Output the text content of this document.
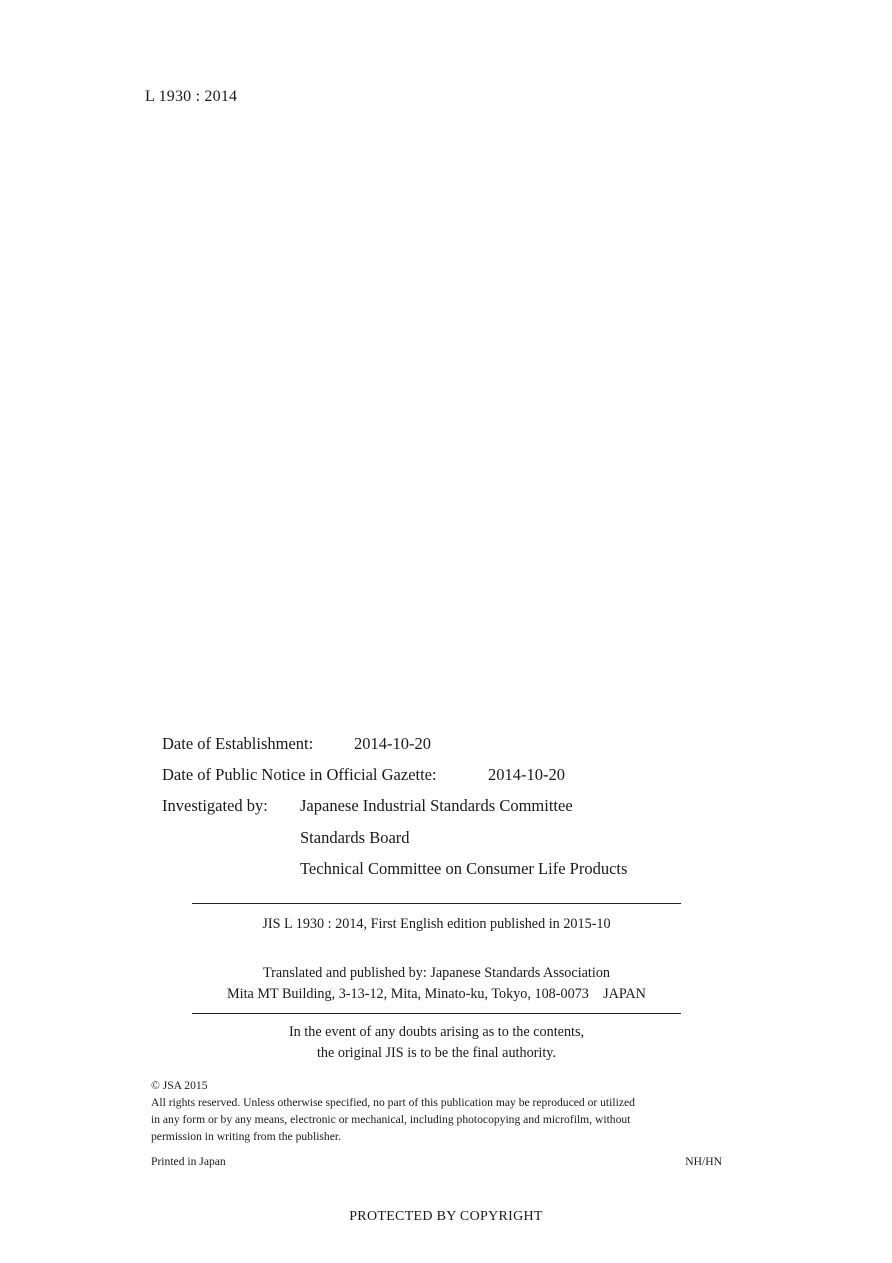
L 1930 : 2014
Date of Establishment: 2014-10-20
Date of Public Notice in Official Gazette:	2014-10-20
Investigated by: Japanese Industrial Standards Committee
Standards Board
Technical Committee on Consumer Life Products
JIS L 1930 : 2014, First English edition published in 2015-10
Translated and published by: Japanese Standards Association
Mita MT Building, 3-13-12, Mita, Minato-ku, Tokyo, 108-0073 JAPAN
In the event of any doubts arising as to the contents,
the original JIS is to be the final authority.
© JSA 2015
All rights reserved. Unless otherwise specified, no part of this publication may be reproduced or utilized
in any form or by any means, electronic or mechanical, including photocopying and microfilm, without
permission in writing from the publisher.
Printed in Japan	NH/HN
PROTECTED BY COPYRIGHT
